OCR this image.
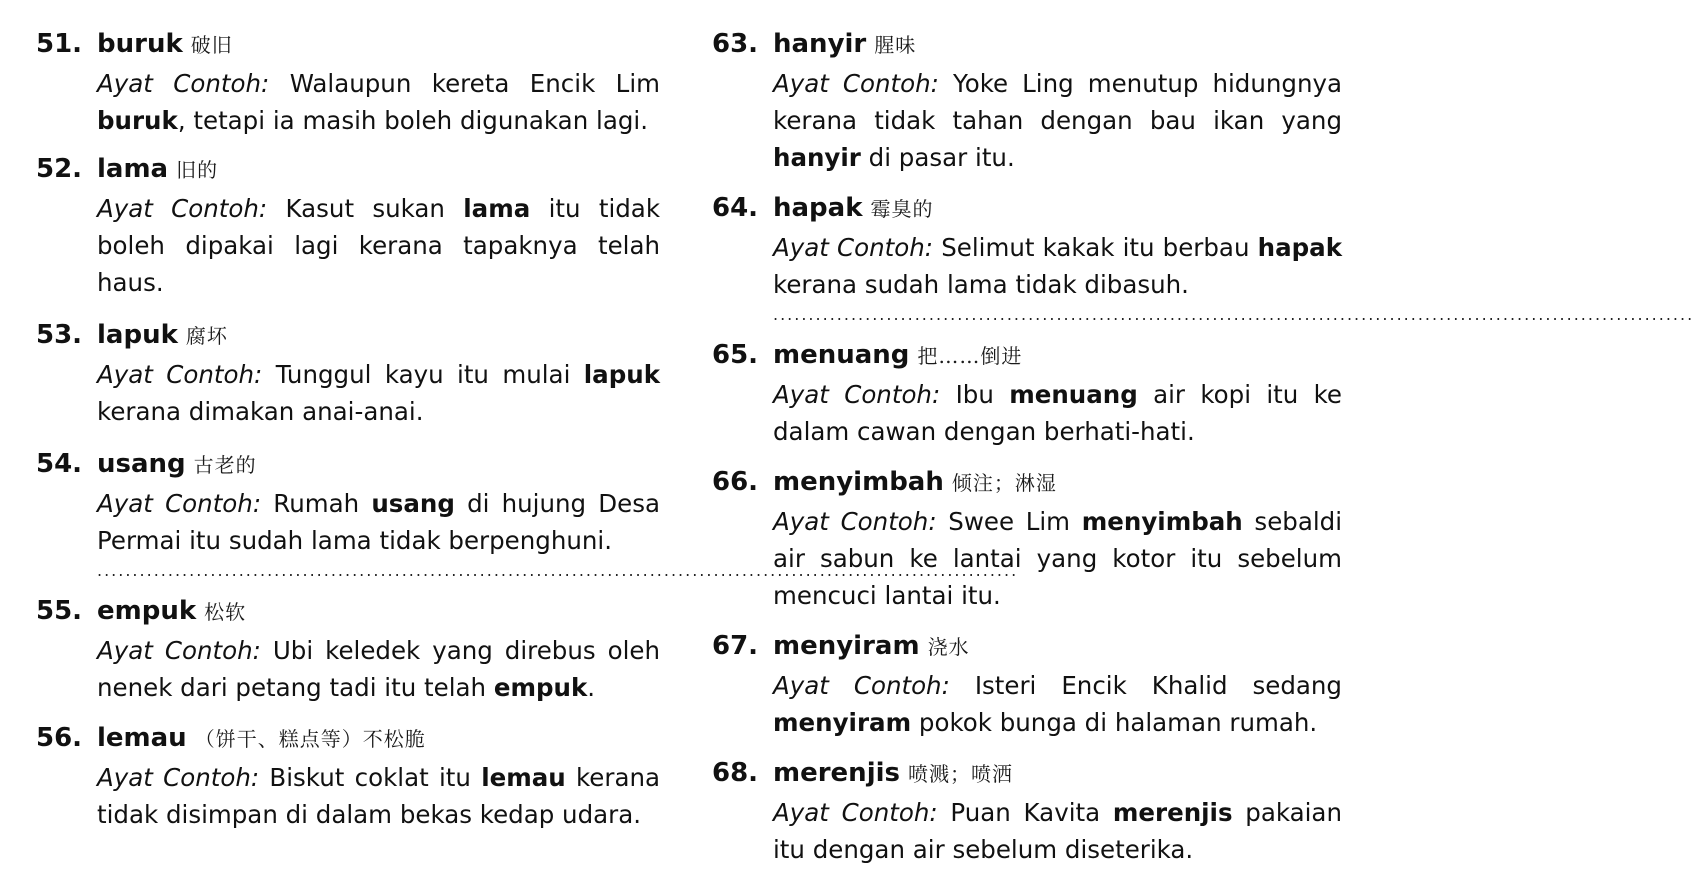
51. buruk 破旧
Ayat Contoh: Walaupun kereta Encik Lim buruk, tetapi ia masih boleh digunakan lagi.
52. lama 旧的
Ayat Contoh: Kasut sukan lama itu tidak boleh dipakai lagi kerana tapaknya telah haus.
53. lapuk 腐坏
Ayat Contoh: Tunggul kayu itu mulai lapuk kerana dimakan anai-anai.
54. usang 古老的
Ayat Contoh: Rumah usang di hujung Desa Permai itu sudah lama tidak berpenghuni.
..................................................................................................................................
55. empuk 松软
Ayat Contoh: Ubi keledek yang direbus oleh nenek dari petang tadi itu telah empuk.
56. lemau （饼干、糕点等）不松脆
Ayat Contoh: Biskut coklat itu lemau kerana tidak disimpan di dalam bekas kedap udara.
63. hanyir 腥味
Ayat Contoh: Yoke Ling menutup hidungnya kerana tidak tahan dengan bau ikan yang hanyir di pasar itu.
64. hapak 霉臭的
Ayat Contoh: Selimut kakak itu berbau hapak kerana sudah lama tidak dibasuh.
..................................................................................................................................
65. menuang 把……倒进
Ayat Contoh: Ibu menuang air kopi itu ke dalam cawan dengan berhati-hati.
66. menyimbah 倾注；淋湿
Ayat Contoh: Swee Lim menyimbah sebaldi air sabun ke lantai yang kotor itu sebelum mencuci lantai itu.
67. menyiram 浇水
Ayat Contoh: Isteri Encik Khalid sedang menyiram pokok bunga di halaman rumah.
68. merenjis 喷溅；喷洒
Ayat Contoh: Puan Kavita merenjis pakaian itu dengan air sebelum diseterika.
